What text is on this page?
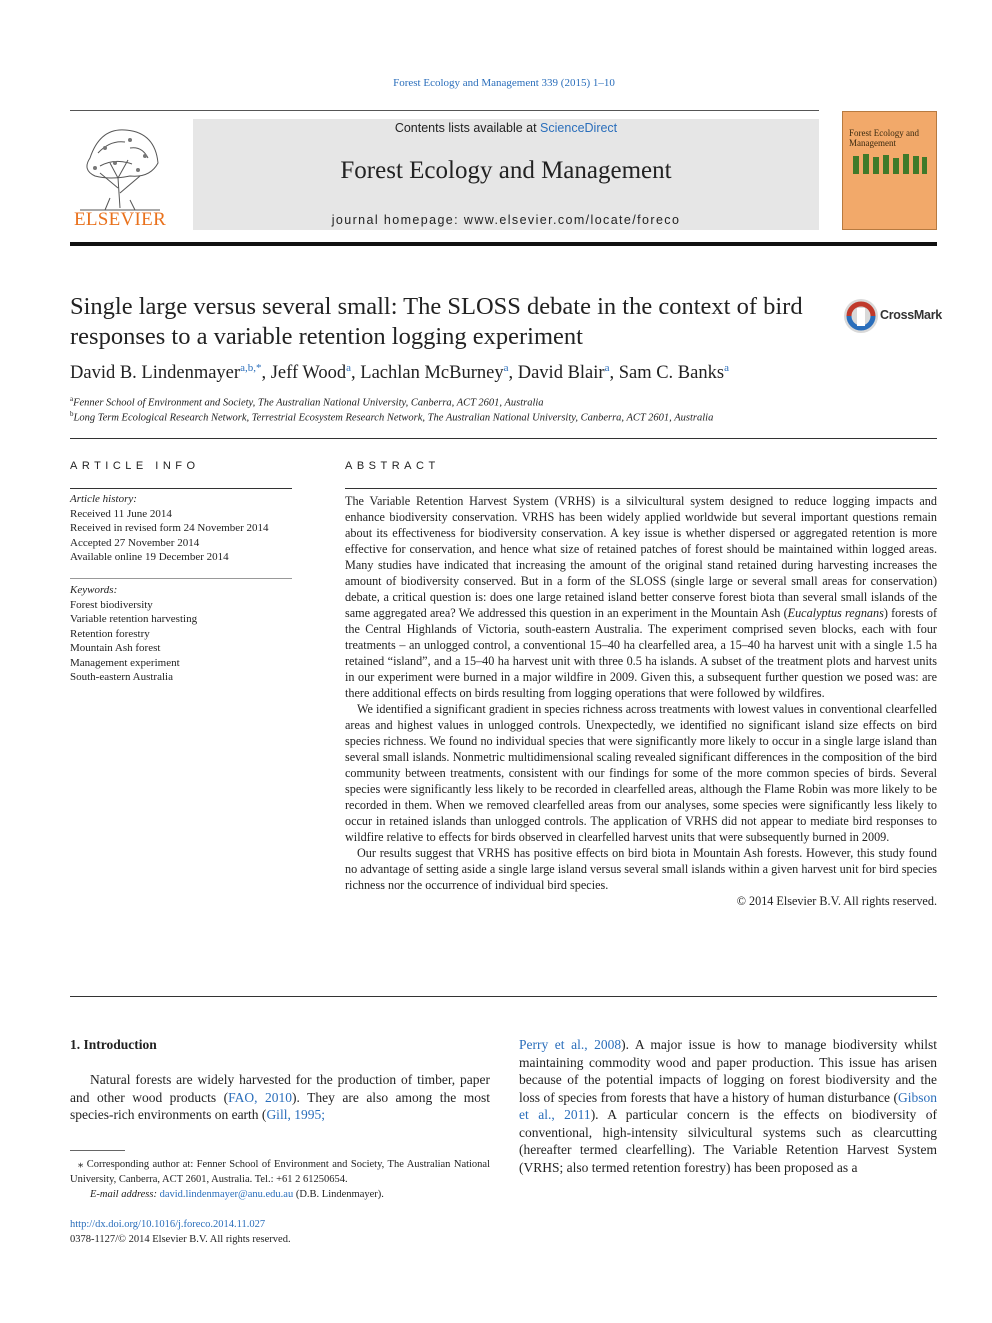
Forest Ecology and Management 339 (2015) 1–10
ELSEVIER
Contents lists available at ScienceDirect
Forest Ecology and Management
journal homepage: www.elsevier.com/locate/foreco
Forest Ecology and Management
Single large versus several small: The SLOSS debate in the context of bird responses to a variable retention logging experiment
CrossMark
David B. Lindenmayer$^{a,b,*}$, Jeff Wood$^a$, Lachlan McBurney$^a$, David Blair$^a$, Sam C. Banks$^a$
$^a$Fenner School of Environment and Society, The Australian National University, Canberra, ACT 2601, Australia
$^b$Long Term Ecological Research Network, Terrestrial Ecosystem Research Network, The Australian National University, Canberra, ACT 2601, Australia
ARTICLE INFO
Article history:
Received 11 June 2014
Received in revised form 24 November 2014
Accepted 27 November 2014
Available online 19 December 2014
Keywords:
Forest biodiversity
Variable retention harvesting
Retention forestry
Mountain Ash forest
Management experiment
South-eastern Australia
ABSTRACT

The Variable Retention Harvest System (VRHS) is a silvicultural system designed to reduce logging impacts and enhance biodiversity conservation. VRHS has been widely applied worldwide but several important questions remain about its effectiveness for biodiversity conservation. A key issue is whether dispersed or aggregated retention is more effective for conservation, and hence what size of retained patches of forest should be maintained within logged areas. Many studies have indicated that increasing the amount of the original stand retained during harvesting increases the amount of biodiversity conserved. But in a form of the SLOSS (single large or several small areas for conservation) debate, a critical question is: does one large retained island better conserve forest biota than several small islands of the same aggregated area? We addressed this question in an experiment in the Mountain Ash (Eucalyptus regnans) forests of the Central Highlands of Victoria, south-eastern Australia. The experiment comprised seven blocks, each with four treatments – an unlogged control, a conventional 15–40 ha clearfelled area, a 15–40 ha harvest unit with a single 1.5 ha retained “island”, and a 15–40 ha harvest unit with three 0.5 ha islands. A subset of the treatment plots and harvest units in our experiment were burned in a major wildfire in 2009. Given this, a subsequent further question we posed was: are there additional effects on birds resulting from logging operations that were followed by wildfires.

We identified a significant gradient in species richness across treatments with lowest values in conventional clearfelled areas and highest values in unlogged controls. Unexpectedly, we identified no significant island size effects on bird species richness. We found no individual species that were significantly more likely to occur in a single large island than several small islands. Nonmetric multidimensional scaling revealed significant differences in the composition of the bird community between treatments, consistent with our findings for some of the more common species of birds. Several species were significantly less likely to be recorded in clearfelled areas, although the Flame Robin was more likely to be recorded in them. When we removed clearfelled areas from our analyses, some species were significantly less likely to occur in retained islands than unlogged controls. The application of VRHS did not appear to mediate bird responses to wildfire relative to effects for birds observed in clearfelled harvest units that were subsequently burned in 2009.

Our results suggest that VRHS has positive effects on bird biota in Mountain Ash forests. However, this study found no advantage of setting aside a single large island versus several small islands within a given harvest unit for bird species richness nor the occurrence of individual bird species.

© 2014 Elsevier B.V. All rights reserved.
1. Introduction
Natural forests are widely harvested for the production of timber, paper and other wood products (FAO, 2010). They are also among the most species-rich environments on earth (Gill, 1995;
Perry et al., 2008). A major issue is how to manage biodiversity whilst maintaining commodity wood and paper production. This issue has arisen because of the potential impacts of logging on forest biodiversity and the loss of species from forests that have a history of human disturbance (Gibson et al., 2011). A particular concern is the effects on biodiversity of conventional, high-intensity silvicultural systems such as clearcutting (hereafter termed clearfelling). The Variable Retention Harvest System (VRHS; also termed retention forestry) has been proposed as a
⁎ Corresponding author at: Fenner School of Environment and Society, The Australian National University, Canberra, ACT 2601, Australia. Tel.: +61 2 61250654.
E-mail address: david.lindenmayer@anu.edu.au (D.B. Lindenmayer).
http://dx.doi.org/10.1016/j.foreco.2014.11.027
0378-1127/© 2014 Elsevier B.V. All rights reserved.
